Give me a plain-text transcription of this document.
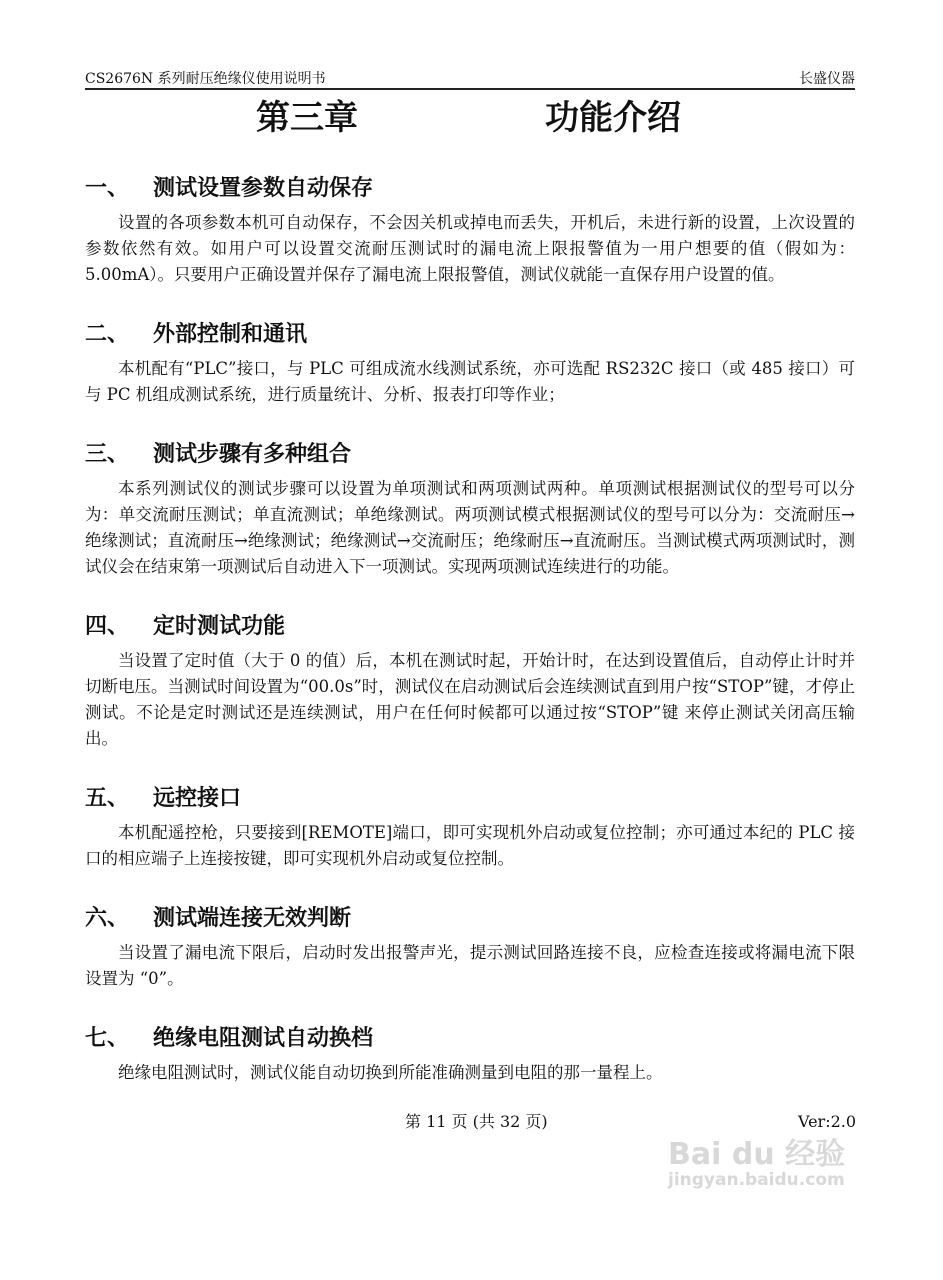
CS2676N 系列耐压绝缘仪使用说明书	长盛仪器
第三章	功能介绍
一、 测试设置参数自动保存

设置的各项参数本机可自动保存，不会因关机或掉电而丢失，开机后，未进行新的设置，上次设置的参数依然有效。如用户可以设置交流耐压测试时的漏电流上限报警值为一用户想要的值（假如为：5.00mA）。只要用户正确设置并保存了漏电流上限报警值，测试仪就能一直保存用户设置的值。

二、 外部控制和通讯

本机配有“PLC”接口，与 PLC 可组成流水线测试系统，亦可选配 RS232C 接口（或 485 接口）可与 PC 机组成测试系统，进行质量统计、分析、报表打印等作业；

三、 测试步骤有多种组合

本系列测试仪的测试步骤可以设置为单项测试和两项测试两种。单项测试根据测试仪的型号可以分为：单交流耐压测试；单直流测试；单绝缘测试。两项测试模式根据测试仪的型号可以分为：交流耐压→绝缘测试；直流耐压→绝缘测试；绝缘测试→交流耐压；绝缘耐压→直流耐压。当测试模式两项测试时，测试仪会在结束第一项测试后自动进入下一项测试。实现两项测试连续进行的功能。

四、 定时测试功能

当设置了定时值（大于 0 的值）后，本机在测试时起，开始计时，在达到设置值后，自动停止计时并切断电压。当测试时间设置为“00.0s”时，测试仪在启动测试后会连续测试直到用户按“STOP”键，才停止测试。不论是定时测试还是连续测试，用户在任何时候都可以通过按“STOP”键 来停止测试关闭高压输出。

五、 远控接口

本机配遥控枪，只要接到[REMOTE]端口，即可实现机外启动或复位控制；亦可通过本纪的 PLC 接口的相应端子上连接按键，即可实现机外启动或复位控制。

六、 测试端连接无效判断

当设置了漏电流下限后，启动时发出报警声光，提示测试回路连接不良，应检查连接或将漏电流下限设置为 “0”。

七、 绝缘电阻测试自动换档

绝缘电阻测试时，测试仪能自动切换到所能准确测量到电阻的那一量程上。

第 11 页 (共 32 页)	Ver:2.0
Bai du 经验
jingyan.baidu.com
